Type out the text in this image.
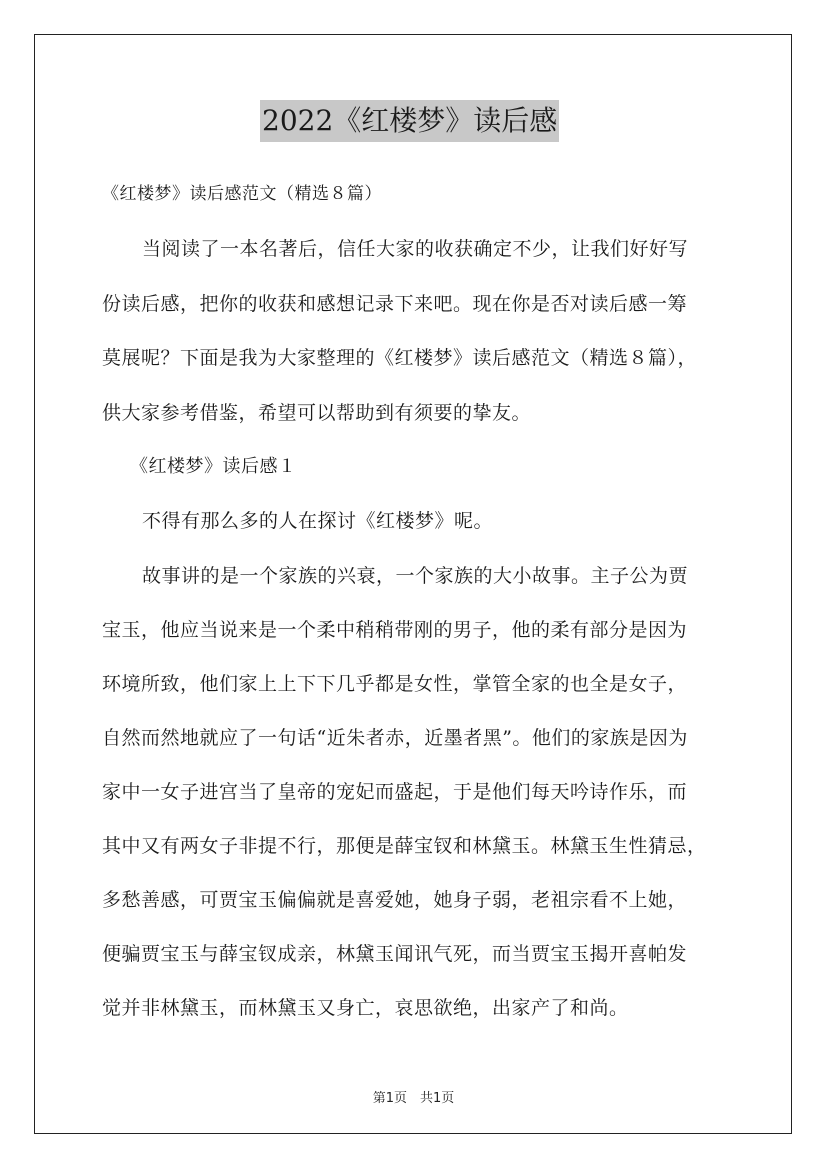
2022《红楼梦》读后感
《红楼梦》读后感范文（精选８篇）
当阅读了一本名著后，信任大家的收获确定不少，让我们好好写
份读后感，把你的收获和感想记录下来吧。现在你是否对读后感一筹
莫展呢？下面是我为大家整理的《红楼梦》读后感范文（精选８篇），
供大家参考借鉴，希望可以帮助到有须要的挚友。
《红楼梦》读后感１
不得有那么多的人在探讨《红楼梦》呢。
故事讲的是一个家族的兴衰，一个家族的大小故事。主子公为贾
宝玉，他应当说来是一个柔中稍稍带刚的男子，他的柔有部分是因为
环境所致，他们家上上下下几乎都是女性，掌管全家的也全是女子，
自然而然地就应了一句话“近朱者赤，近墨者黑”。他们的家族是因为
家中一女子进宫当了皇帝的宠妃而盛起，于是他们每天吟诗作乐，而
其中又有两女子非提不行，那便是薛宝钗和林黛玉。林黛玉生性猜忌，
多愁善感，可贾宝玉偏偏就是喜爱她，她身子弱，老祖宗看不上她，
便骗贾宝玉与薛宝钗成亲，林黛玉闻讯气死，而当贾宝玉揭开喜帕发
觉并非林黛玉，而林黛玉又身亡，哀思欲绝，出家产了和尚。
第1页　共1页
